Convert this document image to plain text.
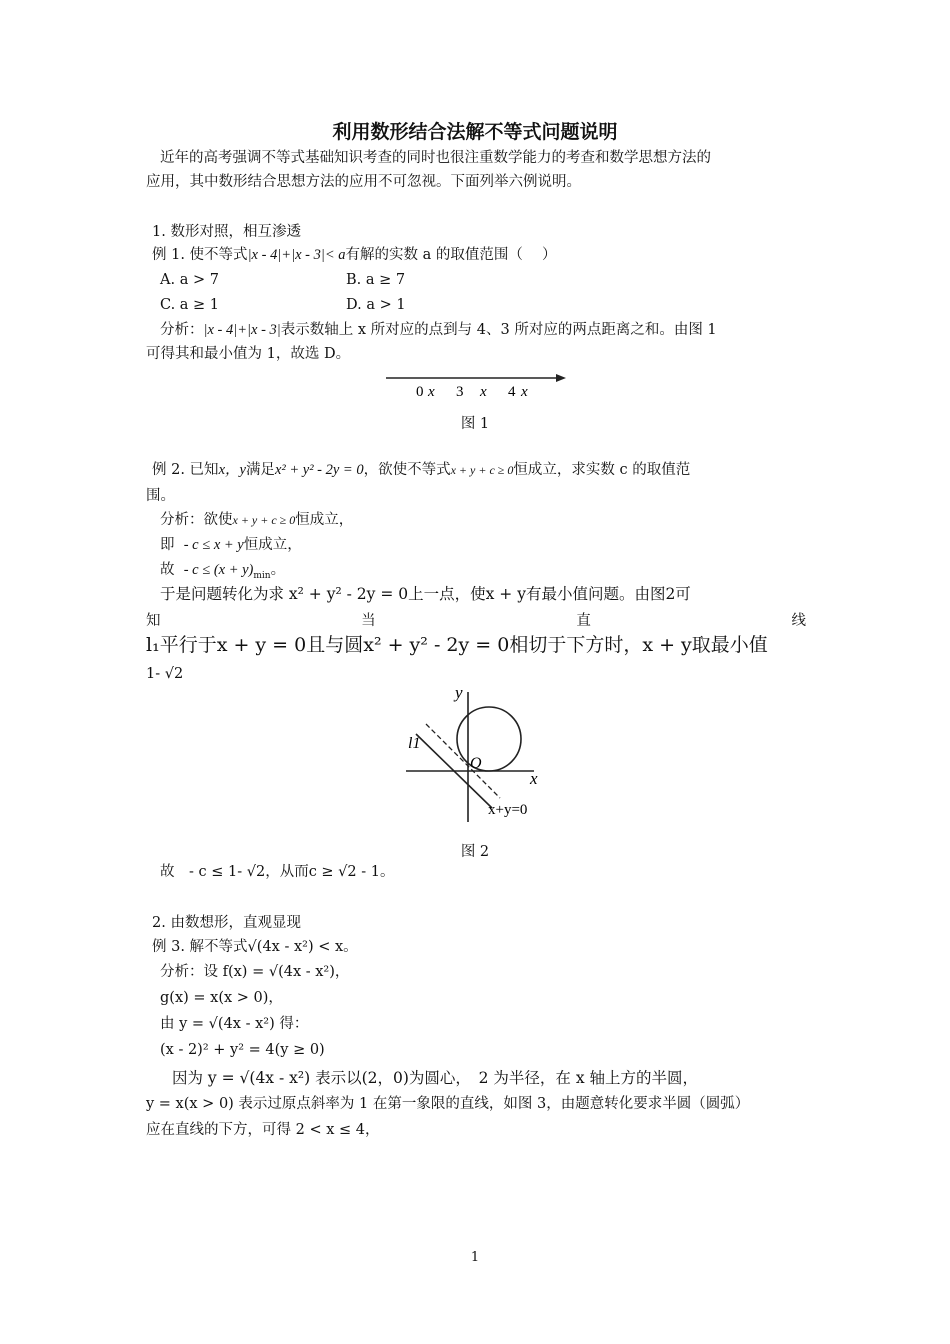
利用数形结合法解不等式问题说明
近年的高考强调不等式基础知识考查的同时也很注重数学能力的考查和数学思想方法的
应用，其中数形结合思想方法的应用不可忽视。下面列举六例说明。
1. 数形对照，相互渗透
例 1. 使不等式|x - 4|+|x - 3|< a有解的实数 a 的取值范围（　 ）
A. a > 7	B. a ≥ 7
C. a ≥ 1	D. a > 1
分析：|x - 4|+|x - 3|表示数轴上 x 所对应的点到与 4、3 所对应的两点距离之和。由图 1
可得其和最小值为 1，故选 D。
0 x 3 x 4 x
图 1
例 2. 已知x，y满足x² + y² - 2y = 0，欲使不等式x + y + c ≥ 0恒成立，求实数 c 的取值范
围。
分析：欲使x + y + c ≥ 0恒成立，
即 - c ≤ x + y恒成立，
故 - $c \le (x + y)_{min}$。
于是问题转化为求 x² + y² - 2y = 0上一点，使x + y有最小值问题。由图2可
知	当	直	线
l₁平行于x + y = 0且与圆x² + y² - 2y = 0相切于下方时，x + y取最小值
1- √2
y
x
O
l1
x+y=0
图 2
故　- c ≤ 1- √2，从而c ≥ √2 - 1。
2. 由数想形，直观显现
例 3. 解不等式√(4x - x²) < x。
分析：设 f(x) = √(4x - x²)，
g(x) = x(x > 0)，
由 y = √(4x - x²) 得：
(x - 2)² + y² = 4(y ≥ 0)
因为 y = √(4x - x²) 表示以(2，0)为圆心，　2 为半径，在 x 轴上方的半圆，
y = x(x > 0) 表示过原点斜率为 1 在第一象限的直线，如图 3，由题意转化要求半圆（圆弧）
应在直线的下方，可得 2 < x ≤ 4，
1
